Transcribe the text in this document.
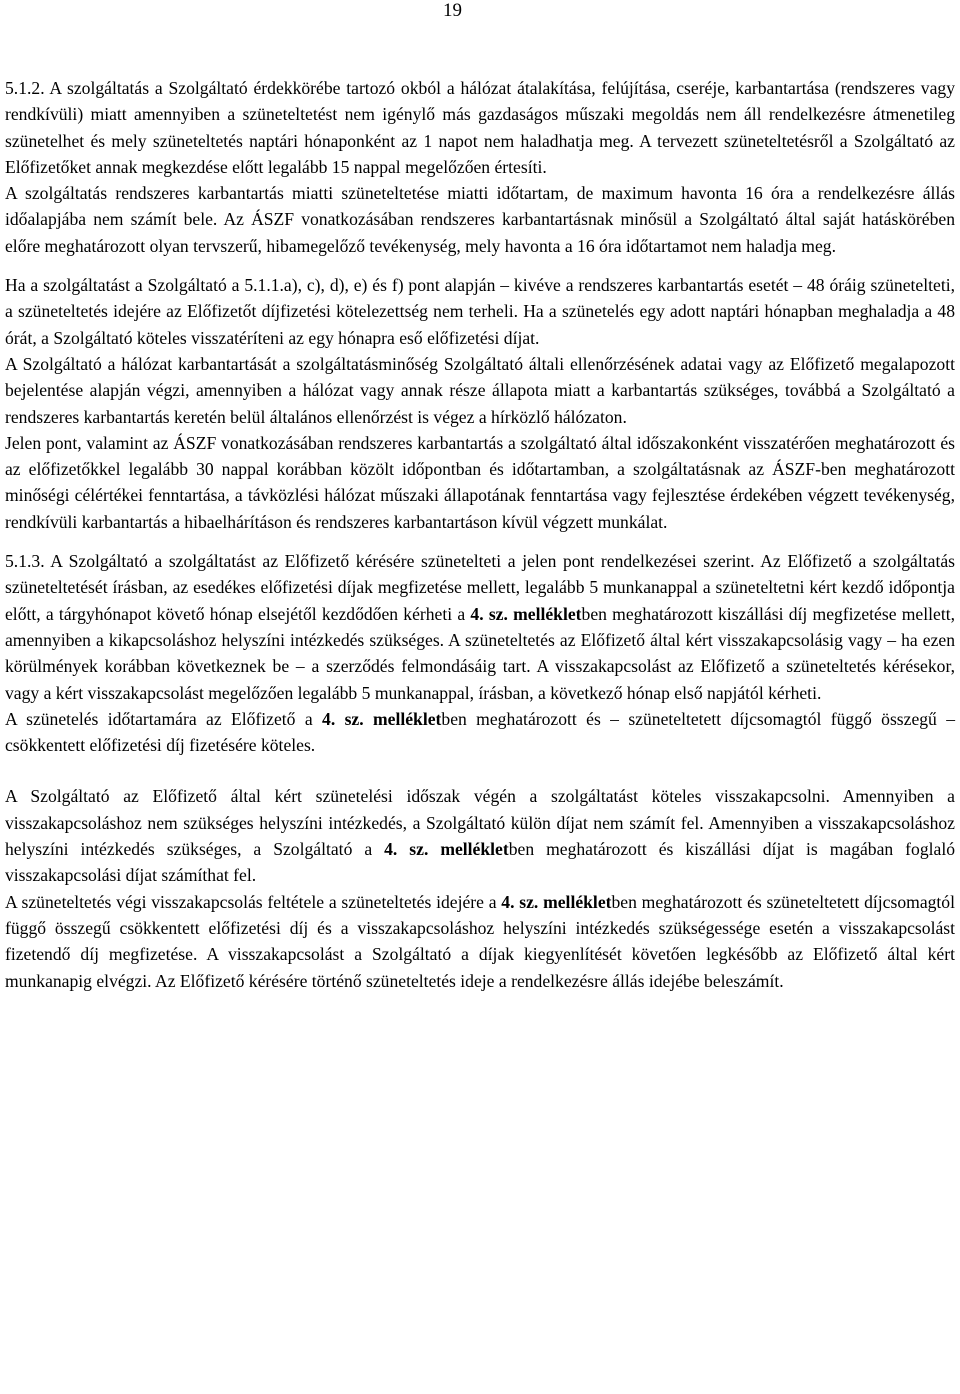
19

5.1.2. A szolgáltatás a Szolgáltató érdekkörébe tartozó okból a hálózat átalakítása, felújítása, cseréje, karbantartása (rendszeres vagy rendkívüli) miatt amennyiben a szüneteltetést nem igénylő más gazdaságos műszaki megoldás nem áll rendelkezésre átmenetileg szünetelhet és mely szüneteltetés naptári hónaponként az 1 napot nem haladhatja meg. A tervezett szüneteltetésről a Szolgáltató az Előfizetőket annak megkezdése előtt legalább 15 nappal megelőzően értesíti.

A szolgáltatás rendszeres karbantartás miatti szüneteltetése miatti időtartam, de maximum havonta 16 óra a rendelkezésre állás időalapjába nem számít bele. Az ÁSZF vonatkozásában rendszeres karbantartásnak minősül a Szolgáltató által saját hatáskörében előre meghatározott olyan tervszerű, hibamegelőző tevékenység, mely havonta a 16 óra időtartamot nem haladja meg.

Ha a szolgáltatást a Szolgáltató a 5.1.1.a), c), d), e) és f) pont alapján – kivéve a rendszeres karbantartás esetét – 48 óráig szünetelteti, a szüneteltetés idejére az Előfizetőt díjfizetési kötelezettség nem terheli. Ha a szünetelés egy adott naptári hónapban meghaladja a 48 órát, a Szolgáltató köteles visszatéríteni az egy hónapra eső előfizetési díjat.

A Szolgáltató a hálózat karbantartását a szolgáltatásminőség Szolgáltató általi ellenőrzésének adatai vagy az Előfizető megalapozott bejelentése alapján végzi, amennyiben a hálózat vagy annak része állapota miatt a karbantartás szükséges, továbbá a Szolgáltató a rendszeres karbantartás keretén belül általános ellenőrzést is végez a hírközlő hálózaton.

Jelen pont, valamint az ÁSZF vonatkozásában rendszeres karbantartás a szolgáltató által időszakonként visszatérően meghatározott és az előfizetőkkel legalább 30 nappal korábban közölt időpontban és időtartamban, a szolgáltatásnak az ÁSZF-ben meghatározott minőségi célértékei fenntartása, a távközlési hálózat műszaki állapotának fenntartása vagy fejlesztése érdekében végzett tevékenység, rendkívüli karbantartás a hibaelhárításon és rendszeres karbantartáson kívül végzett munkálat.

5.1.3. A Szolgáltató a szolgáltatást az Előfizető kérésére szünetelteti a jelen pont rendelkezései szerint. Az Előfizető a szolgáltatás szüneteltetését írásban, az esedékes előfizetési díjak megfizetése mellett, legalább 5 munkanappal a szüneteltetni kért kezdő időpontja előtt, a tárgyhónapot követő hónap elsejétől kezdődően kérheti a 4. sz. mellékletben meghatározott kiszállási díj megfizetése mellett, amennyiben a kikapcsoláshoz helyszíni intézkedés szükséges. A szüneteltetés az Előfizető által kért visszakapcsolásig vagy – ha ezen körülmények korábban következnek be – a szerződés felmondásáig tart. A visszakapcsolást az Előfizető a szüneteltetés kérésekor, vagy a kért visszakapcsolást megelőzően legalább 5 munkanappal, írásban, a következő hónap első napjától kérheti.

A szünetelés időtartamára az Előfizető a 4. sz. mellékletben meghatározott és – szüneteltetett díjcsomagtól függő összegű – csökkentett előfizetési díj fizetésére köteles.

A Szolgáltató az Előfizető által kért szünetelési időszak végén a szolgáltatást köteles visszakapcsolni. Amennyiben a visszakapcsoláshoz nem szükséges helyszíni intézkedés, a Szolgáltató külön díjat nem számít fel. Amennyiben a visszakapcsoláshoz helyszíni intézkedés szükséges, a Szolgáltató a 4. sz. mellékletben meghatározott és kiszállási díjat is magában foglaló visszakapcsolási díjat számíthat fel.

A szüneteltetés végi visszakapcsolás feltétele a szüneteltetés idejére a 4. sz. mellékletben meghatározott és szüneteltetett díjcsomagtól függő összegű csökkentett előfizetési díj és a visszakapcsoláshoz helyszíni intézkedés szükségessége esetén a visszakapcsolást fizetendő díj megfizetése. A visszakapcsolást a Szolgáltató a díjak kiegyenlítését követően legkésőbb az Előfizető által kért munkanapig elvégzi. Az Előfizető kérésére történő szüneteltetés ideje a rendelkezésre állás idejébe beleszámít.
